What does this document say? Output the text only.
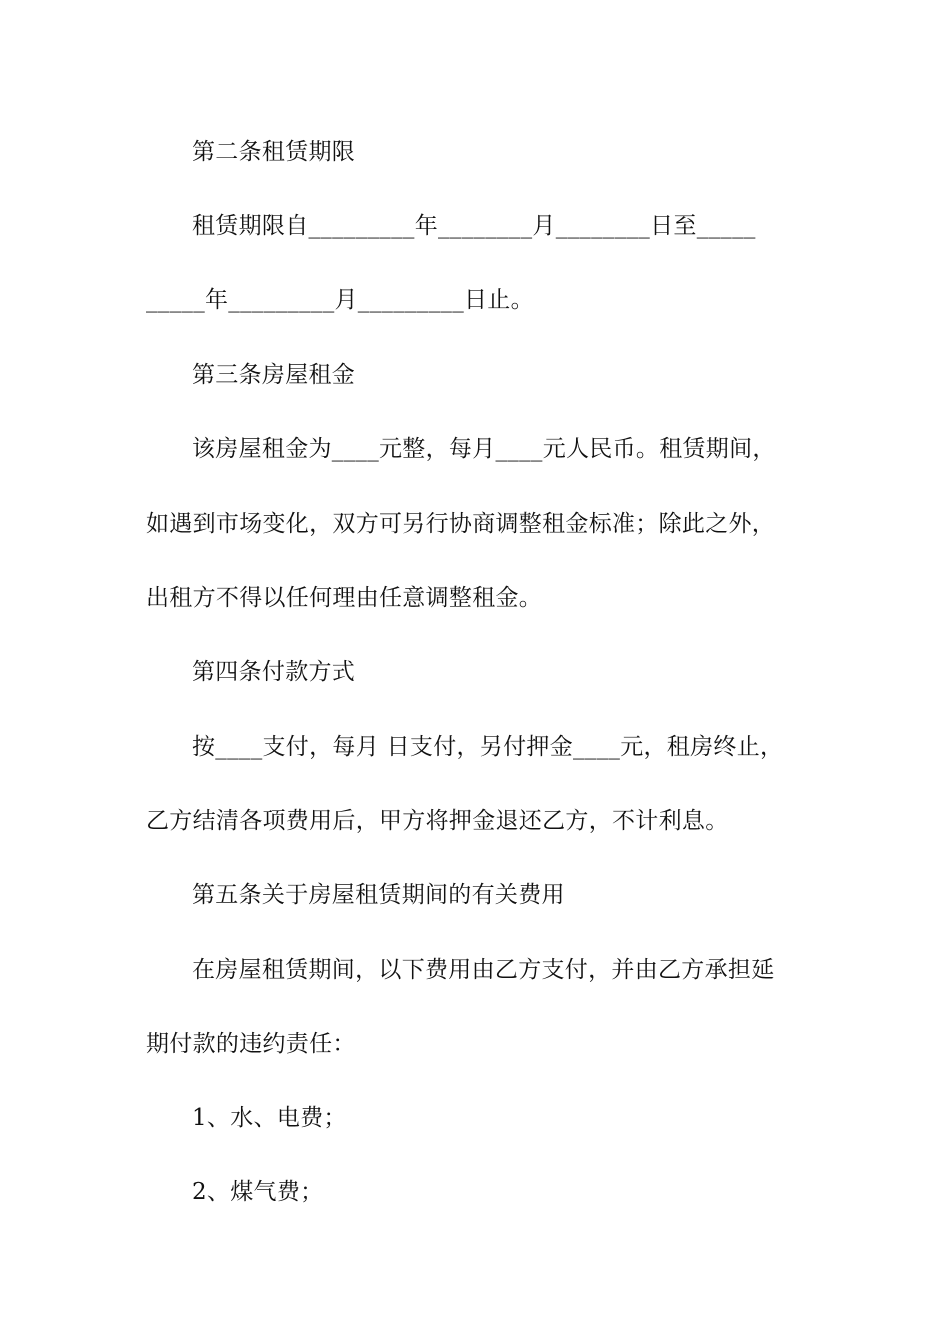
第二条租赁期限
租赁期限自_________年________月________日至_____
_____年_________月_________日止。
第三条房屋租金
该房屋租金为____元整，每月____元人民币。租赁期间，
如遇到市场变化，双方可另行协商调整租金标准；除此之外，
出租方不得以任何理由任意调整租金。
第四条付款方式
按____支付，每月 日支付，另付押金____元，租房终止，
乙方结清各项费用后，甲方将押金退还乙方，不计利息。
第五条关于房屋租赁期间的有关费用
在房屋租赁期间，以下费用由乙方支付，并由乙方承担延
期付款的违约责任：
1、水、电费；
2、煤气费；
